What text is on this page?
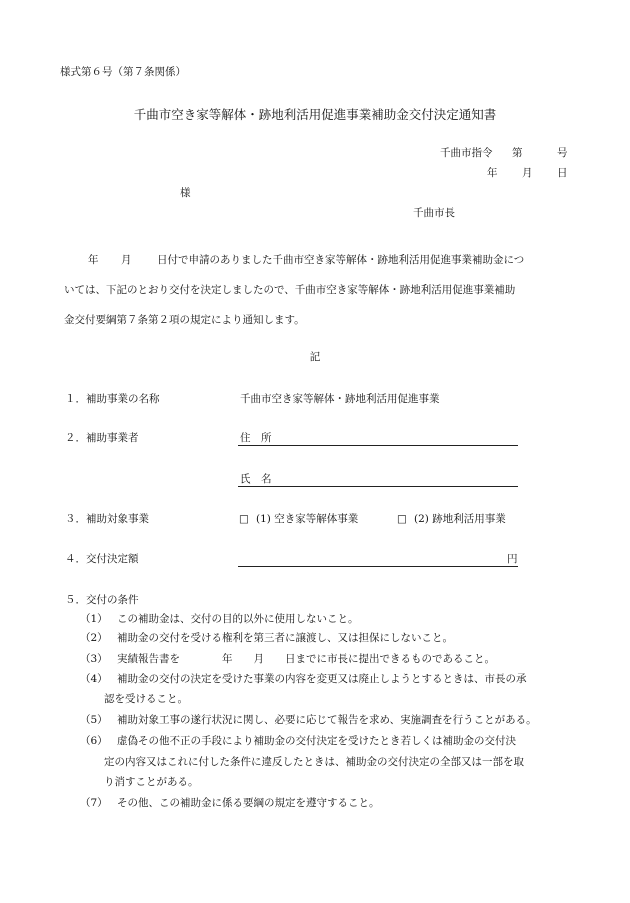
様式第６号（第７条関係）
千曲市空き家等解体・跡地利活用促進事業補助金交付決定通知書
千曲市指令 第	号
年 月 日
様
千曲市長
年 月 日付で申請のありました千曲市空き家等解体・跡地利活用促進事業補助金につ
いては、下記のとおり交付を決定しましたので、千曲市空き家等解体・跡地利活用促進事業補助
金交付要綱第７条第２項の規定により通知します。
記
１．補助事業の名称	千曲市空き家等解体・跡地利活用促進事業
２．補助事業者	住　所
氏　名
３．補助対象事業	□ (1) 空き家等解体事業	□ (2) 跡地利活用事業
４．交付決定額	円
５．交付の条件
（1） この補助金は、交付の目的以外に使用しないこと。
（2） 補助金の交付を受ける権利を第三者に譲渡し、又は担保にしないこと。
（3） 実績報告書を　　　　年　　月　　日までに市長に提出できるものであること。
（4） 補助金の交付の決定を受けた事業の内容を変更又は廃止しようとするときは、市長の承
認を受けること。
（5） 補助対象工事の遂行状況に関し、必要に応じて報告を求め、実施調査を行うことがある。
（6） 虚偽その他不正の手段により補助金の交付決定を受けたとき若しくは補助金の交付決
定の内容又はこれに付した条件に違反したときは、補助金の交付決定の全部又は一部を取
り消すことがある。
（7） その他、この補助金に係る要綱の規定を遵守すること。
